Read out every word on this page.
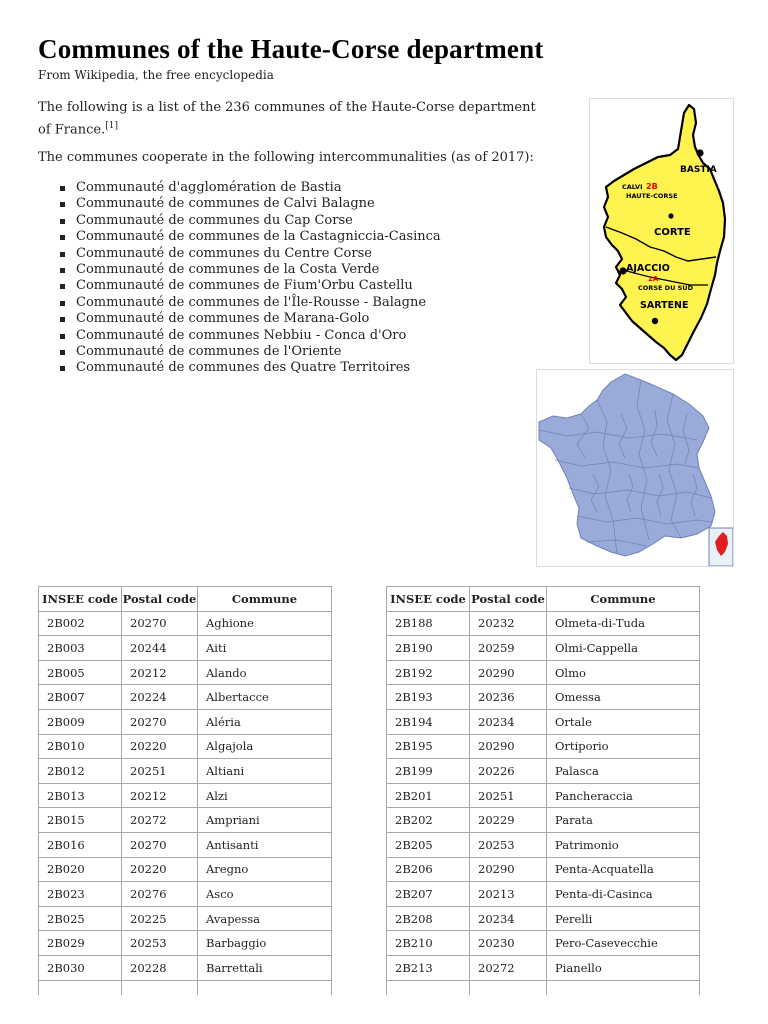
Communes of the Haute-Corse department
From Wikipedia, the free encyclopedia
The following is a list of the 236 communes of the Haute-Corse department of France.[1]
The communes cooperate in the following intercommunalities (as of 2017):
Communauté d'agglomération de Bastia
Communauté de communes de Calvi Balagne
Communauté de communes du Cap Corse
Communauté de communes de la Castagniccia-Casinca
Communauté de communes du Centre Corse
Communauté de communes de la Costa Verde
Communauté de communes de Fium'Orbu Castellu
Communauté de communes de l'Île-Rousse - Balagne
Communauté de communes de Marana-Golo
Communauté de communes Nebbiu - Conca d'Oro
Communauté de communes de l'Oriente
Communauté de communes des Quatre Territoires
BASTIA
CALVI 2B
HAUTE-CORSE
CORTE
AJACCIO
2A
CORSE DU SUD
SARTENE
INSEE code	Postal code	Commune
2B002	20270	Aghione
2B003	20244	Aiti
2B005	20212	Alando
2B007	20224	Albertacce
2B009	20270	Aléria
2B010	20220	Algajola
2B012	20251	Altiani
2B013	20212	Alzi
2B015	20272	Ampriani
2B016	20270	Antisanti
2B020	20220	Aregno
2B023	20276	Asco
2B025	20225	Avapessa
2B029	20253	Barbaggio
2B030	20228	Barrettali

INSEE code	Postal code	Commune
2B188	20232	Olmeta-di-Tuda
2B190	20259	Olmi-Cappella
2B192	20290	Olmo
2B193	20236	Omessa
2B194	20234	Ortale
2B195	20290	Ortiporio
2B199	20226	Palasca
2B201	20251	Pancheraccia
2B202	20229	Parata
2B205	20253	Patrimonio
2B206	20290	Penta-Acquatella
2B207	20213	Penta-di-Casinca
2B208	20234	Perelli
2B210	20230	Pero-Casevecchie
2B213	20272	Pianello
